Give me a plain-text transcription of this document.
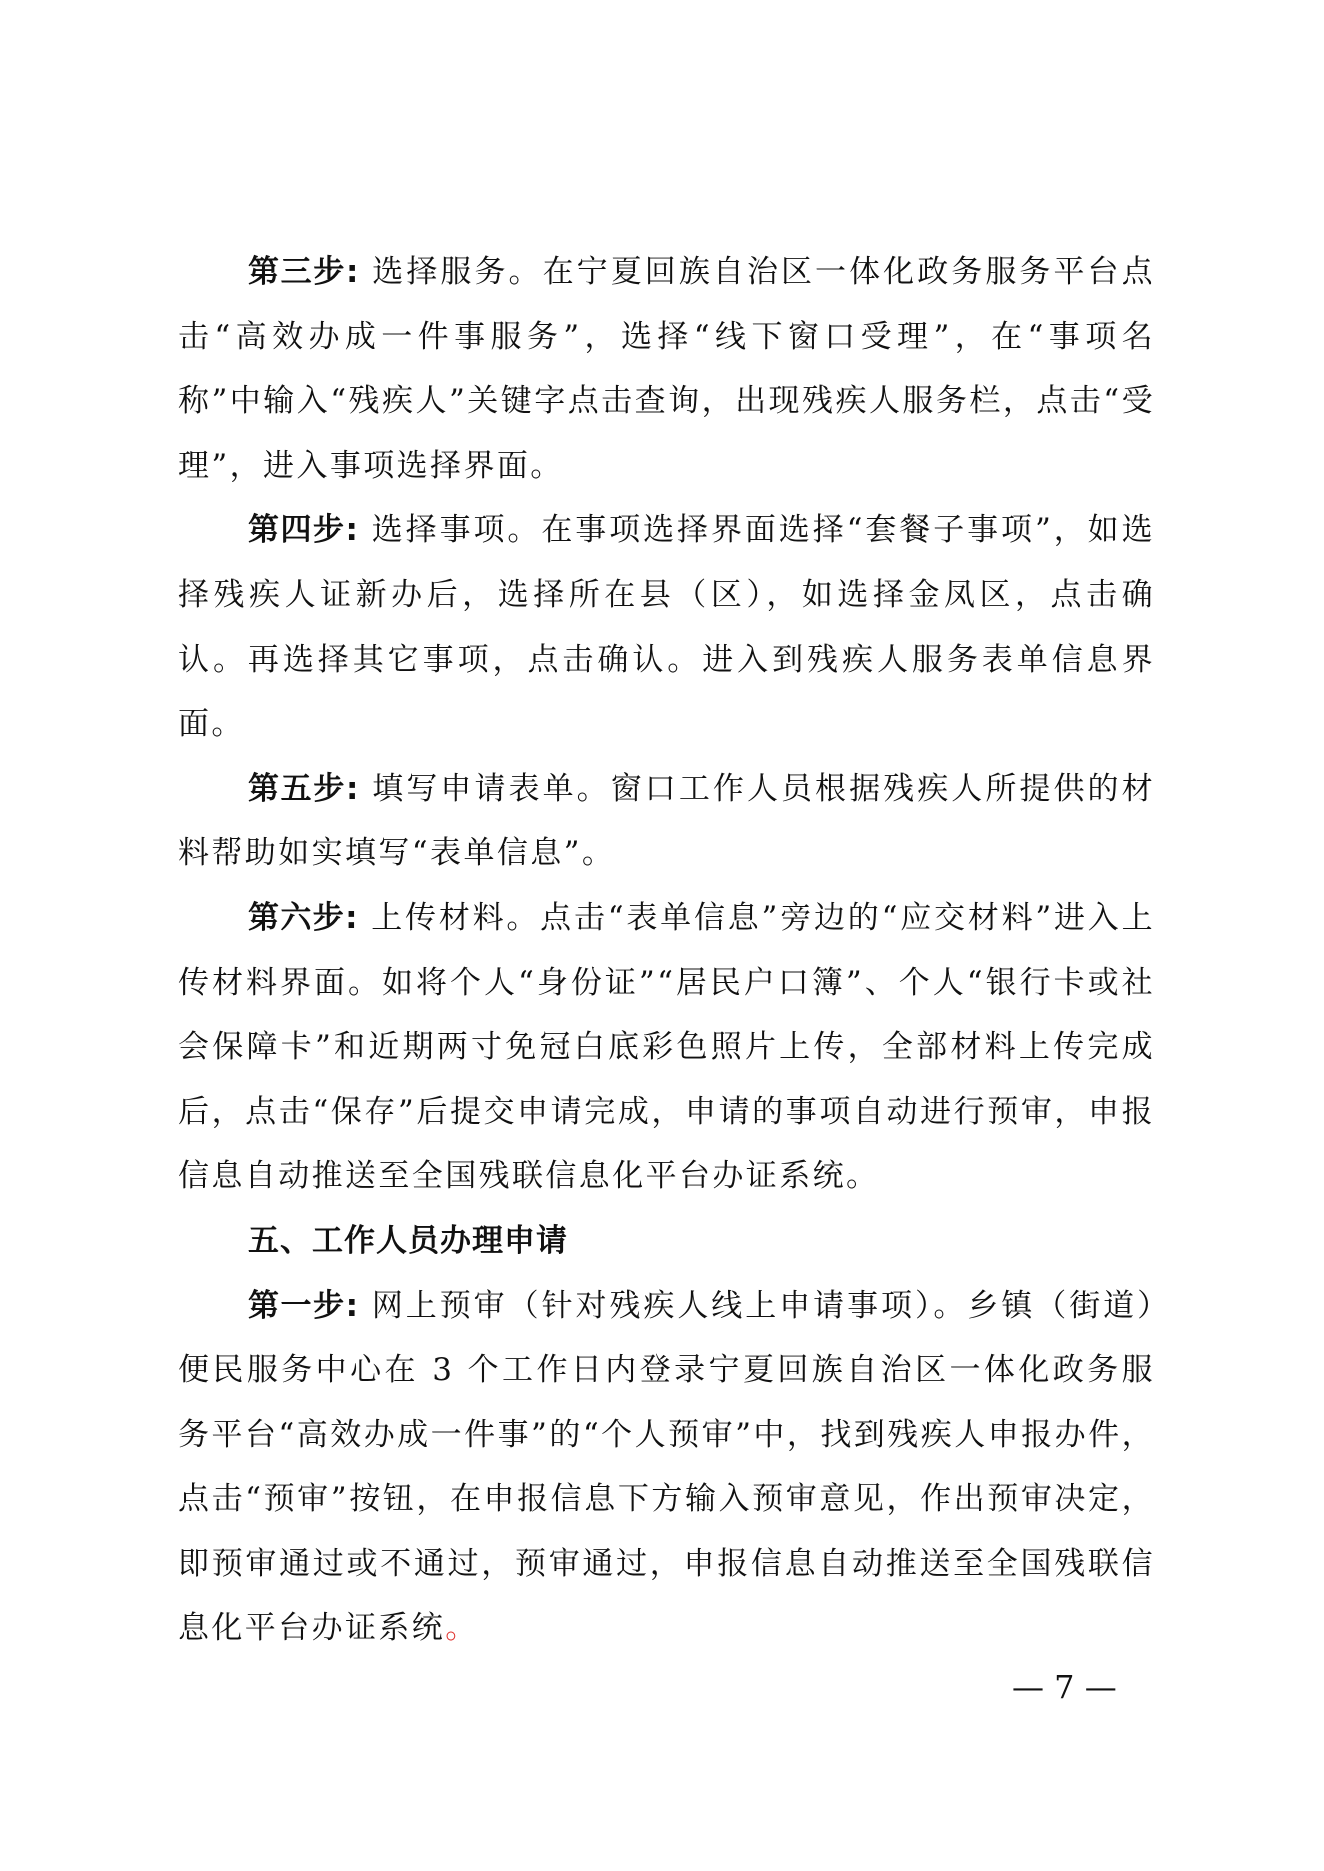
第三步: 选择服务。在宁夏回族自治区一体化政务服务平台点击“高效办成一件事服务”，选择“线下窗口受理”，在“事项名称”中输入“残疾人”关键字点击查询，出现残疾人服务栏，点击“受理”，进入事项选择界面。

第四步: 选择事项。在事项选择界面选择“套餐子事项”，如选择残疾人证新办后，选择所在县（区），如选择金凤区，点击确认。再选择其它事项，点击确认。进入到残疾人服务表单信息界面。

第五步: 填写申请表单。窗口工作人员根据残疾人所提供的材料帮助如实填写“表单信息”。

第六步: 上传材料。点击“表单信息”旁边的“应交材料”进入上传材料界面。如将个人“身份证”“居民户口簿”、个人“银行卡或社会保障卡”和近期两寸免冠白底彩色照片上传，全部材料上传完成后，点击“保存”后提交申请完成，申请的事项自动进行预审，申报信息自动推送至全国残联信息化平台办证系统。

五、工作人员办理申请

第一步: 网上预审（针对残疾人线上申请事项）。乡镇（街道）便民服务中心在 3 个工作日内登录宁夏回族自治区一体化政务服务平台“高效办成一件事”的“个人预审”中，找到残疾人申报办件，点击“预审”按钮，在申报信息下方输入预审意见，作出预审决定，即预审通过或不通过，预审通过，申报信息自动推送至全国残联信息化平台办证系统。

— 7 —
